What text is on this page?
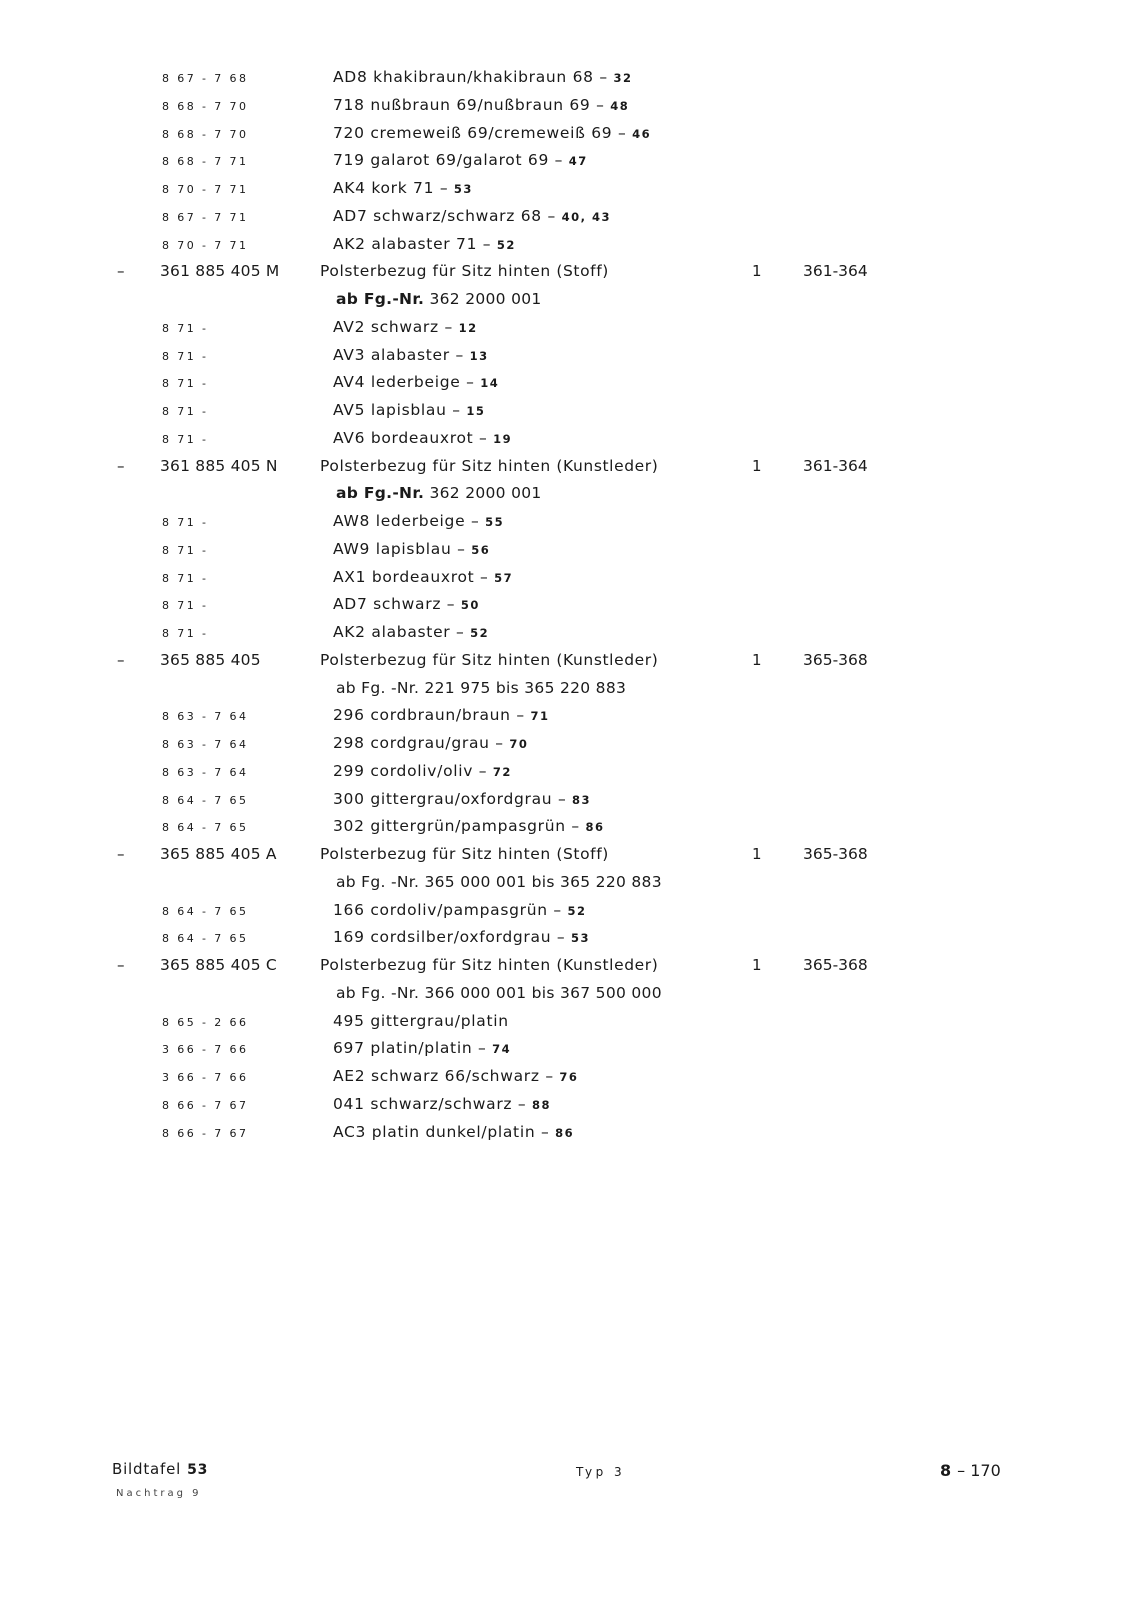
8 67 - 7 68	AD8 khakibraun/khakibraun 68 – 32
8 68 - 7 70	718 nußbraun 69/nußbraun 69 – 48
8 68 - 7 70	720 cremeweiß 69/cremeweiß 69 – 46
8 68 - 7 71	719 galarot 69/galarot 69 – 47
8 70 - 7 71	AK4 kork 71 – 53
8 67 - 7 71	AD7 schwarz/schwarz 68 – 40, 43
8 70 - 7 71	AK2 alabaster 71 – 52
– 361 885 405 M	Polsterbezug für Sitz hinten (Stoff)	1	361-364
ab Fg.-Nr. 362 2000 001
8 71 -	AV2 schwarz – 12
8 71 -	AV3 alabaster – 13
8 71 -	AV4 lederbeige – 14
8 71 -	AV5 lapisblau – 15
8 71 -	AV6 bordeauxrot – 19
– 361 885 405 N	Polsterbezug für Sitz hinten (Kunstleder)	1	361-364
ab Fg.-Nr. 362 2000 001
8 71 -	AW8 lederbeige – 55
8 71 -	AW9 lapisblau – 56
8 71 -	AX1 bordeauxrot – 57
8 71 -	AD7 schwarz – 50
8 71 -	AK2 alabaster – 52
– 365 885 405	Polsterbezug für Sitz hinten (Kunstleder)	1	365-368
ab Fg. -Nr. 221 975 bis 365 220 883
8 63 - 7 64	296 cordbraun/braun – 71
8 63 - 7 64	298 cordgrau/grau – 70
8 63 - 7 64	299 cordoliv/oliv – 72
8 64 - 7 65	300 gittergrau/oxfordgrau – 83
8 64 - 7 65	302 gittergrün/pampasgrün – 86
– 365 885 405 A	Polsterbezug für Sitz hinten (Stoff)	1	365-368
ab Fg. -Nr. 365 000 001 bis 365 220 883
8 64 - 7 65	166 cordoliv/pampasgrün – 52
8 64 - 7 65	169 cordsilber/oxfordgrau – 53
– 365 885 405 C	Polsterbezug für Sitz hinten (Kunstleder)	1	365-368
ab Fg. -Nr. 366 000 001 bis 367 500 000
8 65 - 2 66	495 gittergrau/platin
3 66 - 7 66	697 platin/platin – 74
3 66 - 7 66	AE2 schwarz 66/schwarz – 76
8 66 - 7 67	041 schwarz/schwarz – 88
8 66 - 7 67	AC3 platin dunkel/platin – 86
Bildtafel 53
Nachtrag 9
Typ 3	8 – 170
